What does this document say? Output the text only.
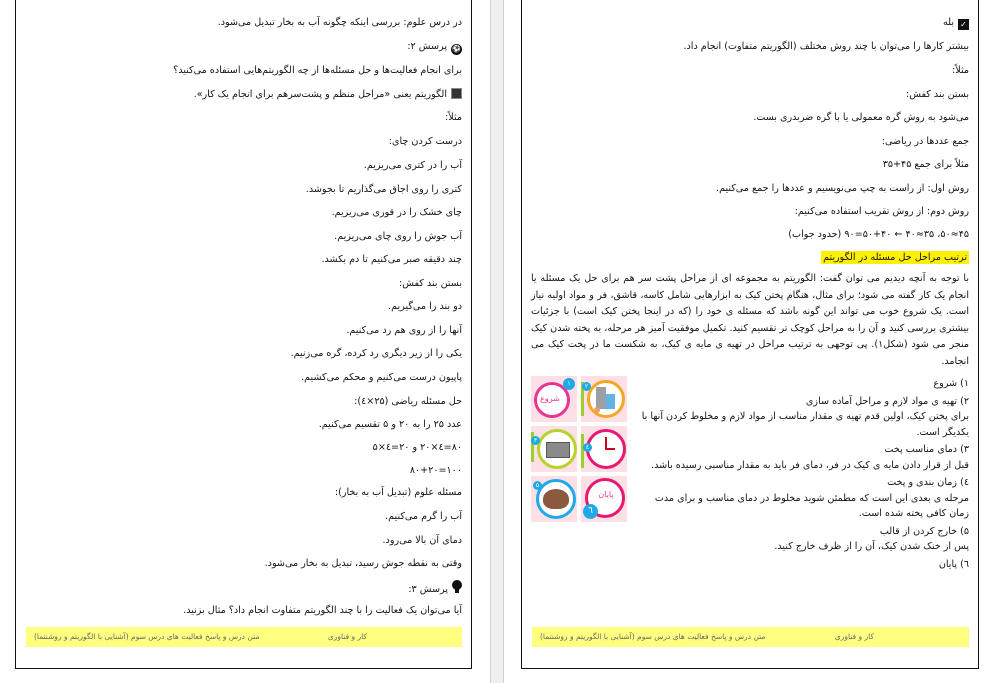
در درس علوم: بررسی اینکه چگونه آب به بخار تبدیل می‌شود.
⚽پرسش ۲:
برای انجام فعالیت‌ها و حل مسئله‌ها از چه الگوریتم‌هایی استفاده می‌کنید؟
الگوریتم یعنی «مراحل منظم و پشت‌سرهم برای انجام یک کار».
مثلاً:
درست کردن چای:
آب را در کتری می‌ریزیم.
کتری را روی اجاق می‌گذاریم تا بجوشد.
چای خشک را در قوری می‌ریزیم.
آب جوش را روی چای می‌ریزیم.
چند دقیقه صبر می‌کنیم تا دم بکشد.
بستن بند کفش:
دو بند را می‌گیریم.
آنها را از روی هم رد می‌کنیم.
یکی را از زیر دیگری رد کرده، گره می‌زنیم.
پاپیون درست می‌کنیم و محکم می‌کشیم.
حل مسئله ریاضی (۲۵×٤):
عدد ۲۵ را به ۲۰ و ۵ تقسیم می‌کنیم.
۸۰=٤×۲۰ و ۲۰=٤×۵
۱۰۰=۸۰+۲۰
مسئله علوم (تبدیل آب به بخار):
آب را گرم می‌کنیم.
دمای آن بالا می‌رود.
وقتی به نقطه جوش رسید، تبدیل به بخار می‌شود.
پرسش ۳:
آیا می‌توان یک فعالیت را با چند الگوریتم متفاوت انجام داد؟ مثال بزنید.
کار و فناوری
متن درس و پاسخ فعالیت های درس سوم (آشنایی با الگوریتم و روشنتما)
✓بله
بیشتر کارها را می‌توان با چند روش مختلف (الگوریتم متفاوت) انجام داد.
مثلاً:
بستن بند کفش:
می‌شود به روش گره معمولی یا با گره ضربدری بست.
جمع عددها در ریاضی:
مثلاً برای جمع ۴۵+۳۵
روش اول: از راست به چپ می‌نویسیم و عددها را جمع می‌کنیم.
روش دوم: از روش تقریب استفاده می‌کنیم:
۴۵≈۵۰، ۳۵≈۴۰ ← ۵۰+۴۰=۹۰ (حدود جواب)
ترتیب مراحل حل مسئله در الگوریتم
با توجه به آنچه دیدیم می توان گفت: الگوریتم به مجموعه ای از مراحل پشت سر هم برای حل یک مسئله یا انجام یک کار گفته می شود؛ برای مثال، هنگام پختن کیک به ابزارهایی شامل کاسه، قاشق، فر و مواد اولیه نیاز است. یک شروع خوب می تواند این گونه باشد که مسئله ی خود را (که در اینجا پختن کیک است) با جزئیات بیشتری بررسی کنید و آن را به مراحل کوچک تر تقسیم کنید. تکمیل موفقیت آمیز هر مرحله، به پخته شدن کیک منجر می شود (شکل۱). پی توجهی به ترتیب مراحل در تهیه ی مایه ی کیک، به شکست ما در پخت کیک می انجامد.
۱) شروع
۲) تهیه ی مواد لازم و مراحل آماده سازی
برای پختن کیک، اولین قدم تهیه ی مقدار مناسب از مواد لازم و مخلوط کردن آنها با یکدیگر است.
۳) دمای مناسب پخت
قبل از قرار دادن مایه ی کیک در فر، دمای فر باید به مقدار مناسبی رسیده باشد.
٤) زمان بندی و پخت
مرحله ی بعدی این است که مطمئن شوید مخلوط در دمای مناسب و برای مدت زمان کافی پخته شده است.
۵) خارج کردن از قالب
پس از خنک شدن کیک، آن را از ظرف خارج کنید.
٦) پایان
شروع
۱	۲
۳
٤
۵
پایان
٦
کار و فناوری
متن درس و پاسخ فعالیت های درس سوم (آشنایی با الگوریتم و روشنتما)
